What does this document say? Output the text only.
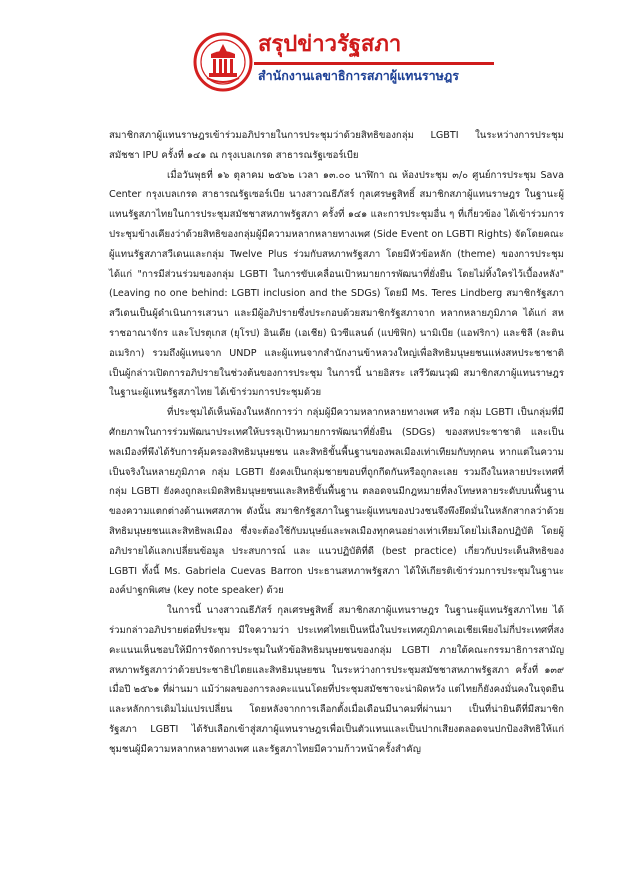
สรุปข่าวรัฐสภา
สำนักงานเลขาธิการสภาผู้แทนราษฎร

สมาชิกสภาผู้แทนราษฎรเข้าร่วมอภิปรายในการประชุมว่าด้วยสิทธิของกลุ่ม LGBTI ในระหว่างการประชุมสมัชชา IPU ครั้งที่ ๑๔๑ ณ กรุงเบลเกรด สาธารณรัฐเซอร์เบีย

เมื่อวันพุธที่ ๑๖ ตุลาคม ๒๕๖๒ เวลา ๑๓.๐๐ นาฬิกา ณ ห้องประชุม ๓/๐ ศูนย์การประชุม Sava Center กรุงเบลเกรด สาธารณรัฐเซอร์เบีย นางสาวณธีภัสร์ กุลเศรษฐสิทธิ์ สมาชิกสภาผู้แทนราษฎร ในฐานะผู้แทนรัฐสภาไทยในการประชุมสมัชชาสหภาพรัฐสภา ครั้งที่ ๑๔๑ และการประชุมอื่น ๆ ที่เกี่ยวข้อง ได้เข้าร่วมการประชุมข้างเคียงว่าด้วยสิทธิของกลุ่มผู้มีความหลากหลายทางเพศ (Side Event on LGBTI Rights) จัดโดยคณะผู้แทนรัฐสภาสวีเดนและกลุ่ม Twelve Plus ร่วมกับสหภาพรัฐสภา โดยมีหัวข้อหลัก (theme) ของการประชุม ได้แก่ "การมีส่วนร่วมของกลุ่ม LGBTI ในการขับเคลื่อนเป้าหมายการพัฒนาที่ยั่งยืน โดยไม่ทิ้งใครไว้เบื้องหลัง" (Leaving no one behind: LGBTI inclusion and the SDGs) โดยมี Ms. Teres Lindberg สมาชิกรัฐสภาสวีเดนเป็นผู้ดำเนินการเสวนา และมีผู้อภิปรายซึ่งประกอบด้วยสมาชิกรัฐสภาจาก หลากหลายภูมิภาค ได้แก่ สหราชอาณาจักร และโปรตุเกส (ยุโรป) อินเดีย (เอเชีย) นิวซีแลนด์ (แปซิฟิก) นามิเบีย (แอฟริกา) และชิลี (ละตินอเมริกา) รวมถึงผู้แทนจาก UNDP และผู้แทนจากสำนักงานข้าหลวงใหญ่เพื่อสิทธิมนุษยชนแห่งสหประชาชาติ เป็นผู้กล่าวเปิดการอภิปรายในช่วงต้นของการประชุม ในการนี้ นายอิสระ เสรีวัฒนวุฒิ สมาชิกสภาผู้แทนราษฎร ในฐานะผู้แทนรัฐสภาไทย ได้เข้าร่วมการประชุมด้วย

ที่ประชุมได้เห็นพ้องในหลักการว่า กลุ่มผู้มีความหลากหลายทางเพศ หรือ กลุ่ม LGBTI เป็นกลุ่มที่มีศักยภาพในการร่วมพัฒนาประเทศให้บรรลุเป้าหมายการพัฒนาที่ยั่งยืน (SDGs) ของสหประชาชาติ และเป็นพลเมืองที่พึงได้รับการคุ้มครองสิทธิมนุษยชน และสิทธิขั้นพื้นฐานของพลเมืองเท่าเทียมกับทุกคน หากแต่ในความเป็นจริงในหลายภูมิภาค กลุ่ม LGBTI ยังคงเป็นกลุ่มชายขอบที่ถูกกีดกันหรือถูกละเลย รวมถึงในหลายประเทศที่กลุ่ม LGBTI ยังคงถูกละเมิดสิทธิมนุษยชนและสิทธิขั้นพื้นฐาน ตลอดจนมีกฎหมายที่ลงโทษหลายระดับบนพื้นฐานของความแตกต่างด้านเพศสภาพ ดังนั้น สมาชิกรัฐสภาในฐานะผู้แทนของปวงชนจึงพึงยึดมั่นในหลักสากลว่าด้วยสิทธิมนุษยชนและสิทธิพลเมือง ซึ่งจะต้องใช้กับมนุษย์และพลเมืองทุกคนอย่างเท่าเทียมโดยไม่เลือกปฏิบัติ โดยผู้อภิปรายได้แลกเปลี่ยนข้อมูล ประสบการณ์ และ แนวปฏิบัติที่ดี (best practice) เกี่ยวกับประเด็นสิทธิของ LGBTI ทั้งนี้ Ms. Gabriela Cuevas Barron ประธานสหภาพรัฐสภา ได้ให้เกียรติเข้าร่วมการประชุมในฐานะองค์ปาฐกพิเศษ (key note speaker) ด้วย

ในการนี้ นางสาวณธีภัสร์ กุลเศรษฐสิทธิ์ สมาชิกสภาผู้แทนราษฎร ในฐานะผู้แทนรัฐสภาไทย ได้ร่วมกล่าวอภิปรายต่อที่ประชุม มีใจความว่า ประเทศไทยเป็นหนึ่งในประเทศภูมิภาคเอเชียเพียงไม่กี่ประเทศที่สงคะแนนเห็นชอบให้มีการจัดการประชุมในหัวข้อสิทธิมนุษยชนของกลุ่ม LGBTI ภายใต้คณะกรรมาธิการสามัญสหภาพรัฐสภาว่าด้วยประชาธิปไตยและสิทธิมนุษยชน ในระหว่างการประชุมสมัชชาสหภาพรัฐสภา ครั้งที่ ๑๓๙ เมื่อปี ๒๕๖๑ ที่ผ่านมา แม้ว่าผลของการลงคะแนนโดยที่ประชุมสมัชชาจะน่าผิดหวัง แต่ไทยก็ยังคงมั่นคงในจุดยืนและหลักการเดิมไม่แปรเปลี่ยน โดยหลังจากการเลือกตั้งเมื่อเดือนมีนาคมที่ผ่านมา เป็นที่น่ายินดีที่มีสมาชิกรัฐสภา LGBTI ได้รับเลือกเข้าสู่สภาผู้แทนราษฎรเพื่อเป็นตัวแทนและเป็นปากเสียงตลอดจนปกป้องสิทธิให้แก่ชุมชนผู้มีความหลากหลายทางเพศ และรัฐสภาไทยมีความก้าวหน้าครั้งสำคัญ
